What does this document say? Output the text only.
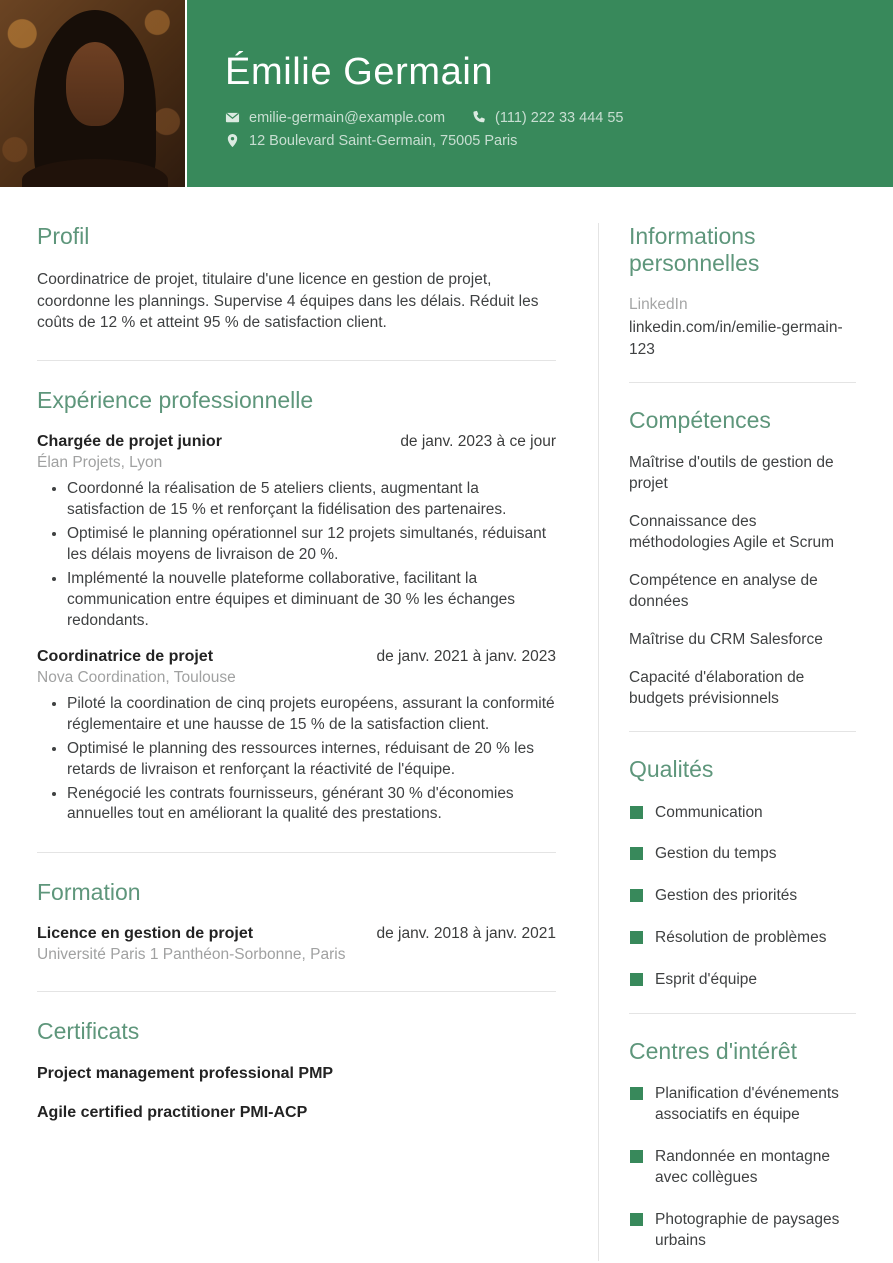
Émilie Germain
emilie-germain@example.com	(111) 222 33 444 55
12 Boulevard Saint-Germain, 75005 Paris
Profil

Coordinatrice de projet, titulaire d'une licence en gestion de projet, coordonne les plannings. Supervise 4 équipes dans les délais. Réduit les coûts de 12 % et atteint 95 % de satisfaction client.

Expérience professionnelle
Chargée de projet junior	de janv. 2023 à ce jour
Élan Projets, Lyon
• Coordonné la réalisation de 5 ateliers clients, augmentant la satisfaction de 15 % et renforçant la fidélisation des partenaires.
• Optimisé le planning opérationnel sur 12 projets simultanés, réduisant les délais moyens de livraison de 20 %.
• Implémenté la nouvelle plateforme collaborative, facilitant la communication entre équipes et diminuant de 30 % les échanges redondants.
Coordinatrice de projet	de janv. 2021 à janv. 2023
Nova Coordination, Toulouse
• Piloté la coordination de cinq projets européens, assurant la conformité réglementaire et une hausse de 15 % de la satisfaction client.
• Optimisé le planning des ressources internes, réduisant de 20 % les retards de livraison et renforçant la réactivité de l'équipe.
• Renégocié les contrats fournisseurs, générant 30 % d'économies annuelles tout en améliorant la qualité des prestations.
Formation
Licence en gestion de projet	de janv. 2018 à janv. 2021
Université Paris 1 Panthéon-Sorbonne, Paris
Certificats
Project management professional PMP
Agile certified practitioner PMI-ACP
Informations personnelles
LinkedIn
linkedin.com/in/emilie-germain-123
Compétences
Maîtrise d'outils de gestion de projet
Connaissance des méthodologies Agile et Scrum
Compétence en analyse de données
Maîtrise du CRM Salesforce
Capacité d'élaboration de budgets prévisionnels
Qualités
Communication
Gestion du temps
Gestion des priorités
Résolution de problèmes
Esprit d'équipe
Centres d'intérêt
Planification d'événements associatifs en équipe
Randonnée en montagne avec collègues
Photographie de paysages urbains
